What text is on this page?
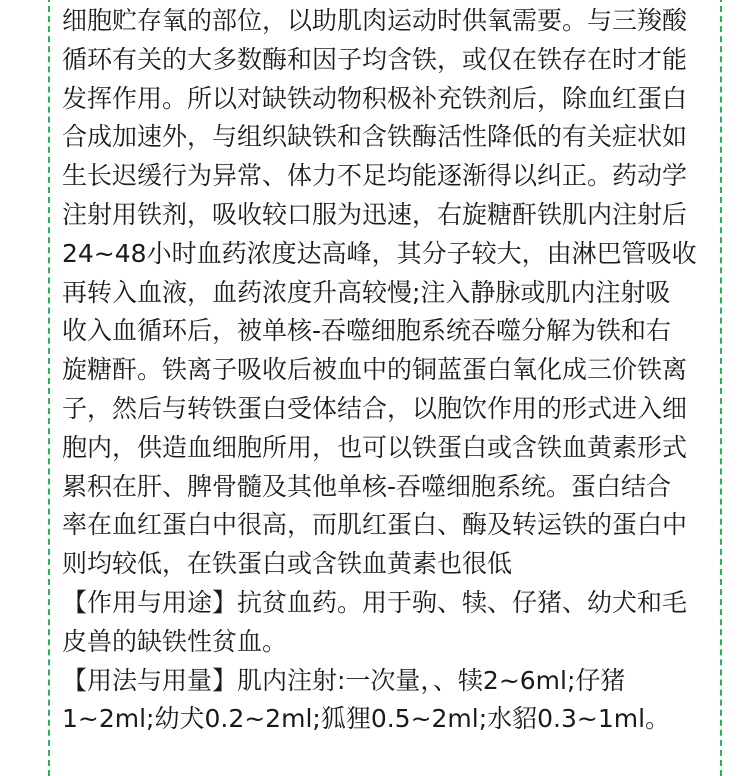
细胞贮存氧的部位，以助肌肉运动时供氧需要。与三羧酸
循环有关的大多数酶和因子均含铁，或仅在铁存在时才能
发挥作用。所以对缺铁动物积极补充铁剂后，除血红蛋白
合成加速外，与组织缺铁和含铁酶活性降低的有关症状如
生长迟缓行为异常、体力不足均能逐渐得以纠正。药动学
注射用铁剂，吸收较口服为迅速，右旋糖酐铁肌内注射后
24~48小时血药浓度达高峰，其分子较大，由淋巴管吸收
再转入血液，血药浓度升高较慢;注入静脉或肌内注射吸
收入血循环后，被单核-吞噬细胞系统吞噬分解为铁和右
旋糖酐。铁离子吸收后被血中的铜蓝蛋白氧化成三价铁离
子，然后与转铁蛋白受体结合，以胞饮作用的形式进入细
胞内，供造血细胞所用，也可以铁蛋白或含铁血黄素形式
累积在肝、脾骨髓及其他单核-吞噬细胞系统。蛋白结合
率在血红蛋白中很高，而肌红蛋白、酶及转运铁的蛋白中
则均较低，在铁蛋白或含铁血黄素也很低
【作用与用途】抗贫血药。用于驹、犊、仔猪、幼犬和毛
皮兽的缺铁性贫血。
【用法与用量】肌内注射:一次量，、犊2~6ml;仔猪
1~2ml;幼犬0.2~2ml;狐狸0.5~2ml;水貂0.3~1ml。
